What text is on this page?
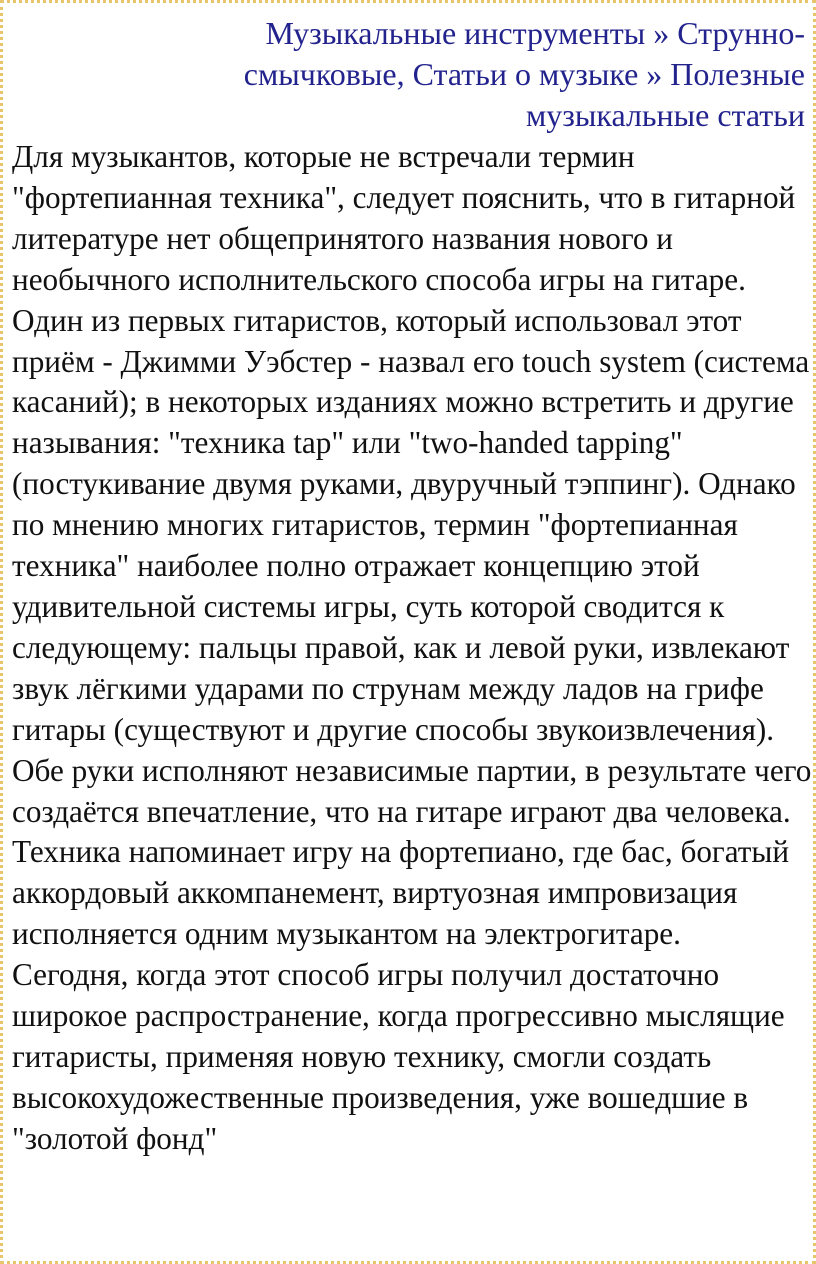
Музыкальные инструменты » Струнно-смычковые, Статьи о музыке » Полезные музыкальные статьи

Для музыкантов, которые не встречали термин "фортепианная техника", следует пояснить, что в гитарной литературе нет общепринятого названия нового и необычного исполнительского способа игры на гитаре. Один из первых гитаристов, который использовал этот приём - Джимми Уэбстер - назвал его touch system (система касаний); в некоторых изданиях можно встретить и другие называния: "техника tap" или "two-handed tapping" (постукивание двумя руками, двуручный тэппинг). Однако по мнению многих гитаристов, термин "фортепианная техника" наиболее полно отражает концепцию этой удивительной системы игры, суть которой сводится к следующему: пальцы правой, как и левой руки, извлекают звук лёгкими ударами по струнам между ладов на грифе гитары (существуют и другие способы звукоизвлечения). Обе руки исполняют независимые партии, в результате чего создаётся впечатление, что на гитаре играют два человека. Техника напоминает игру на фортепиано, где бас, богатый аккордовый аккомпанемент, виртуозная импровизация исполняется одним музыкантом на электрогитаре.

Сегодня, когда этот способ игры получил достаточно широкое распространение, когда прогрессивно мыслящие гитаристы, применяя новую технику, смогли создать высокохудожественные произведения, уже вошедшие в "золотой фонд"
